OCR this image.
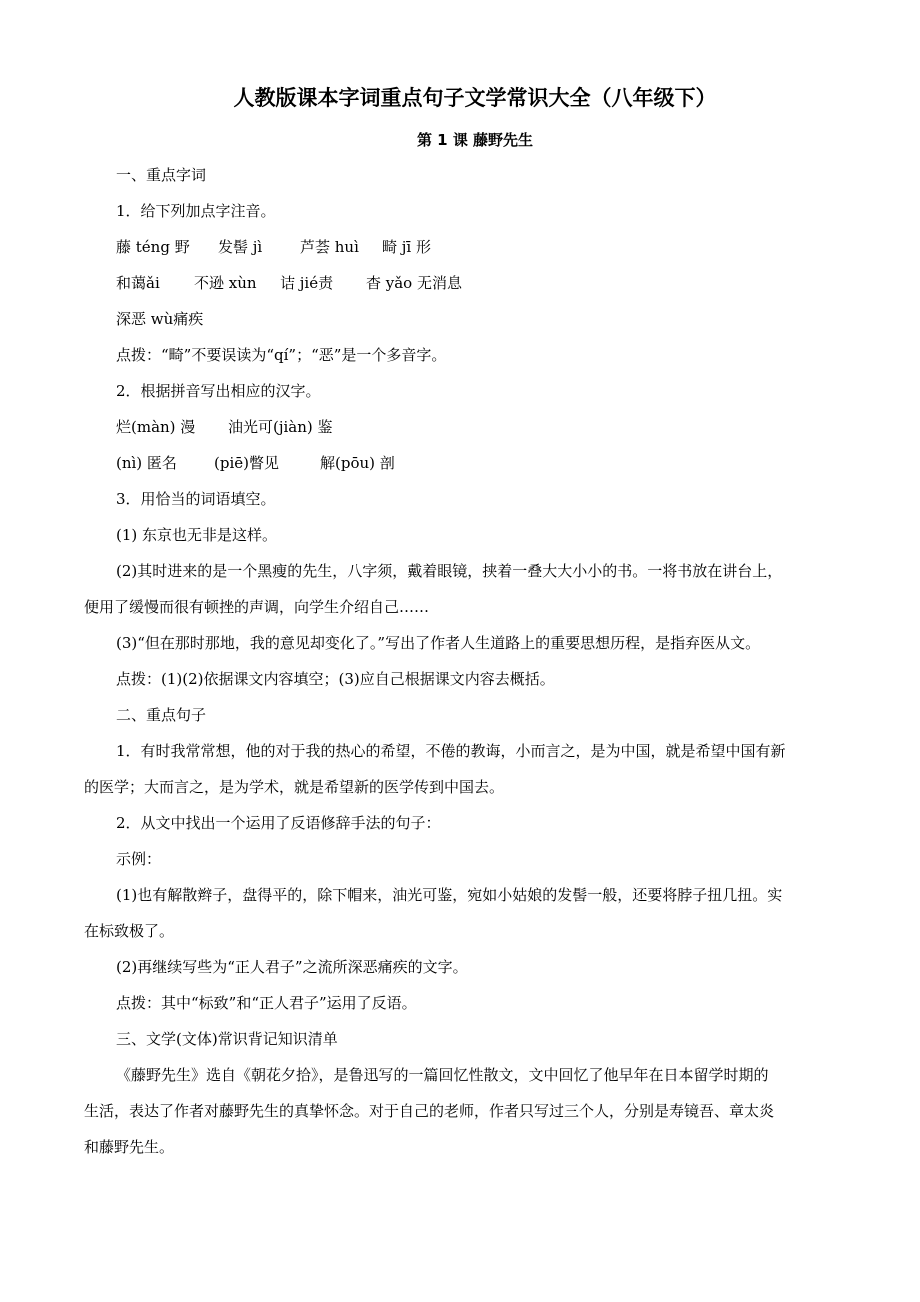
人教版课本字词重点句子文学常识大全（八年级下）
第 1 课 藤野先生
一、重点字词
1．给下列加点字注音。
藤 téng 野 发髻 jì	芦荟 huì 畸 jī 形
和蔼ǎi 不逊 xùn 诘 jié责 杳 yǎo 无消息
深恶 wù痛疾
点拨：“畸”不要误读为“qí”；“恶”是一个多音字。
2．根据拼音写出相应的汉字。
烂(màn) 漫 油光可(jiàn) 鉴
(nì) 匿名 (piē)瞥见	解(pōu) 剖
3．用恰当的词语填空。
(1) 东京也无非是这样。
(2)其时进来的是一个黑瘦的先生，八字须，戴着眼镜，挟着一叠大大小小的书。一将书放在讲台上，
便用了缓慢而很有顿挫的声调，向学生介绍自己……
(3)“但在那时那地，我的意见却变化了。”写出了作者人生道路上的重要思想历程，是指弃医从文。
点拨：(1)(2)依据课文内容填空；(3)应自己根据课文内容去概括。
二、重点句子
1．有时我常常想，他的对于我的热心的希望，不倦的教诲，小而言之，是为中国，就是希望中国有新
的医学；大而言之，是为学术，就是希望新的医学传到中国去。
2．从文中找出一个运用了反语修辞手法的句子：
示例：
(1)也有解散辫子，盘得平的，除下帽来，油光可鉴，宛如小姑娘的发髻一般，还要将脖子扭几扭。实
在标致极了。
(2)再继续写些为“正人君子”之流所深恶痛疾的文字。
点拨：其中“标致”和“正人君子”运用了反语。
三、文学(文体)常识背记知识清单
《藤野先生》选自《朝花夕拾》，是鲁迅写的一篇回忆性散文，文中回忆了他早年在日本留学时期的
生活，表达了作者对藤野先生的真挚怀念。对于自己的老师，作者只写过三个人，分别是寿镜吾、章太炎
和藤野先生。
